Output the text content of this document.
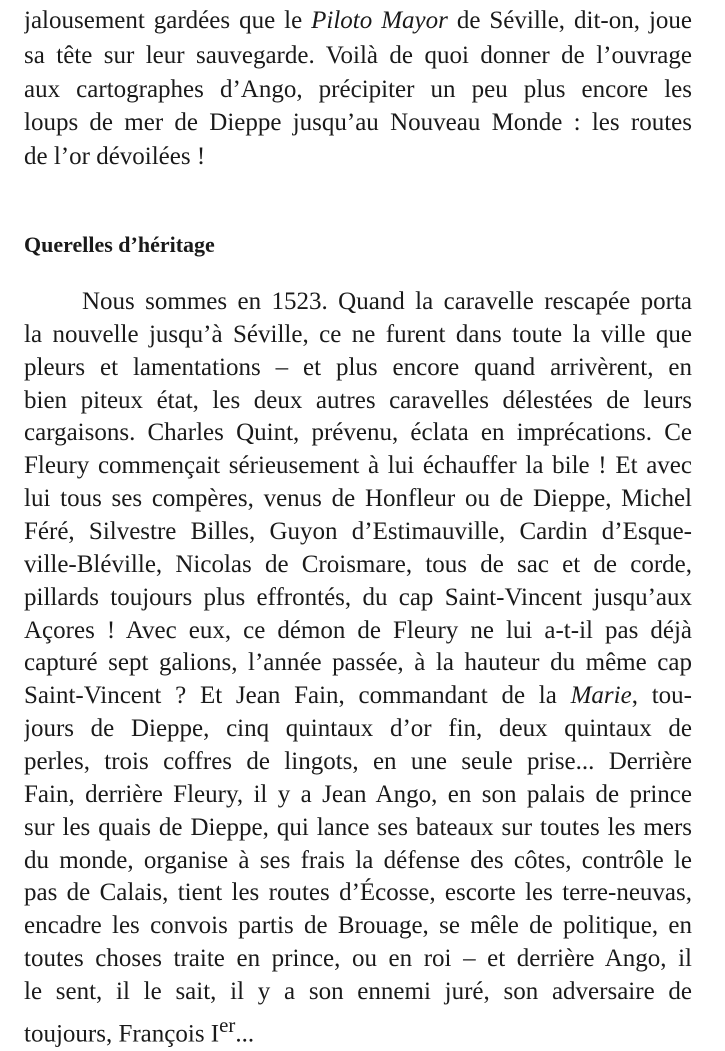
jalousement gardées que le Piloto Mayor de Séville, dit-on, joue
sa tête sur leur sauvegarde. Voilà de quoi donner de l’ouvrage
aux cartographes d’Ango, précipiter un peu plus encore les
loups de mer de Dieppe jusqu’au Nouveau Monde : les routes
de l’or dévoilées !
Querelles d’héritage
Nous sommes en 1523. Quand la caravelle rescapée porta
la nouvelle jusqu’à Séville, ce ne furent dans toute la ville que
pleurs et lamentations – et plus encore quand arrivèrent, en
bien piteux état, les deux autres caravelles délestées de leurs
cargaisons. Charles Quint, prévenu, éclata en imprécations. Ce
Fleury commençait sérieusement à lui échauffer la bile ! Et avec
lui tous ses compères, venus de Honfleur ou de Dieppe, Michel
Féré, Silvestre Billes, Guyon d’Estimauville, Cardin d’Esque-
ville-Bléville, Nicolas de Croismare, tous de sac et de corde,
pillards toujours plus effrontés, du cap Saint-Vincent jusqu’aux
Açores ! Avec eux, ce démon de Fleury ne lui a-t-il pas déjà
capturé sept galions, l’année passée, à la hauteur du même cap
Saint-Vincent ? Et Jean Fain, commandant de la Marie, tou-
jours de Dieppe, cinq quintaux d’or fin, deux quintaux de
perles, trois coffres de lingots, en une seule prise... Derrière
Fain, derrière Fleury, il y a Jean Ango, en son palais de prince
sur les quais de Dieppe, qui lance ses bateaux sur toutes les mers
du monde, organise à ses frais la défense des côtes, contrôle le
pas de Calais, tient les routes d’Écosse, escorte les terre-neuvas,
encadre les convois partis de Brouage, se mêle de politique, en
toutes choses traite en prince, ou en roi – et derrière Ango, il
le sent, il le sait, il y a son ennemi juré, son adversaire de
toujours, François Ier...
